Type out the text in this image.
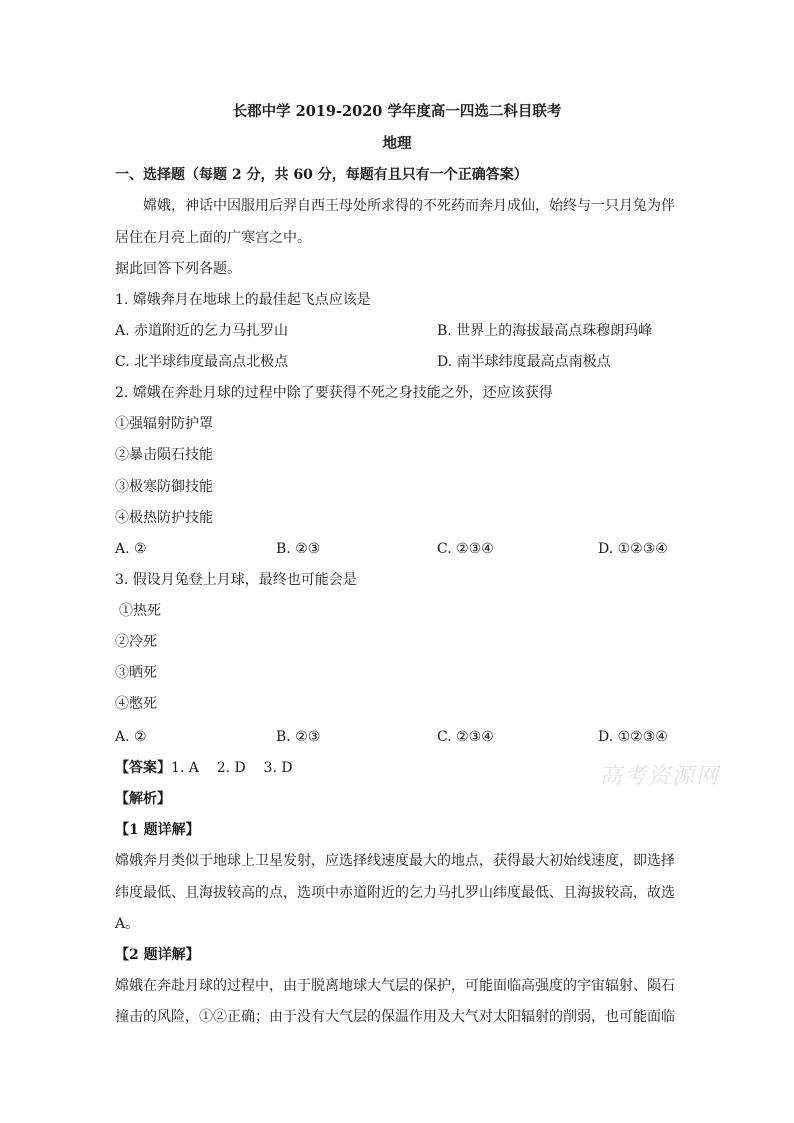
长郡中学 2019-2020 学年度高一四选二科目联考
地理
一、选择题（每题 2 分，共 60 分，每题有且只有一个正确答案）
嫦娥，神话中因服用后羿自西王母处所求得的不死药而奔月成仙，始终与一只月兔为伴
居住在月亮上面的广寒宫之中。
据此回答下列各题。
1. 嫦娥奔月在地球上的最佳起飞点应该是
A. 赤道附近的乞力马扎罗山	B. 世界上的海拔最高点珠穆朗玛峰
C. 北半球纬度最高点北极点	D. 南半球纬度最高点南极点
2. 嫦娥在奔赴月球的过程中除了要获得不死之身技能之外，还应该获得
①强辐射防护罩
②暴击陨石技能
③极寒防御技能
④极热防护技能
A. ②	B. ②③	C. ②③④	D. ①②③④
3. 假设月兔登上月球，最终也可能会是
①热死
②冷死
③晒死
④憋死
A. ②	B. ②③	C. ②③④	D. ①②③④
【答案】1. A    2. D    3. D	高考资源网
【解析】
【1 题详解】
嫦娥奔月类似于地球上卫星发射，应选择线速度最大的地点，获得最大初始线速度，即选择
纬度最低、且海拔较高的点，选项中赤道附近的乞力马扎罗山纬度最低、且海拔较高，故选
A。
【2 题详解】
嫦娥在奔赴月球的过程中，由于脱离地球大气层的保护，可能面临高强度的宇宙辐射、陨石
撞击的风险，①②正确；由于没有大气层的保温作用及大气对太阳辐射的削弱，也可能面临
